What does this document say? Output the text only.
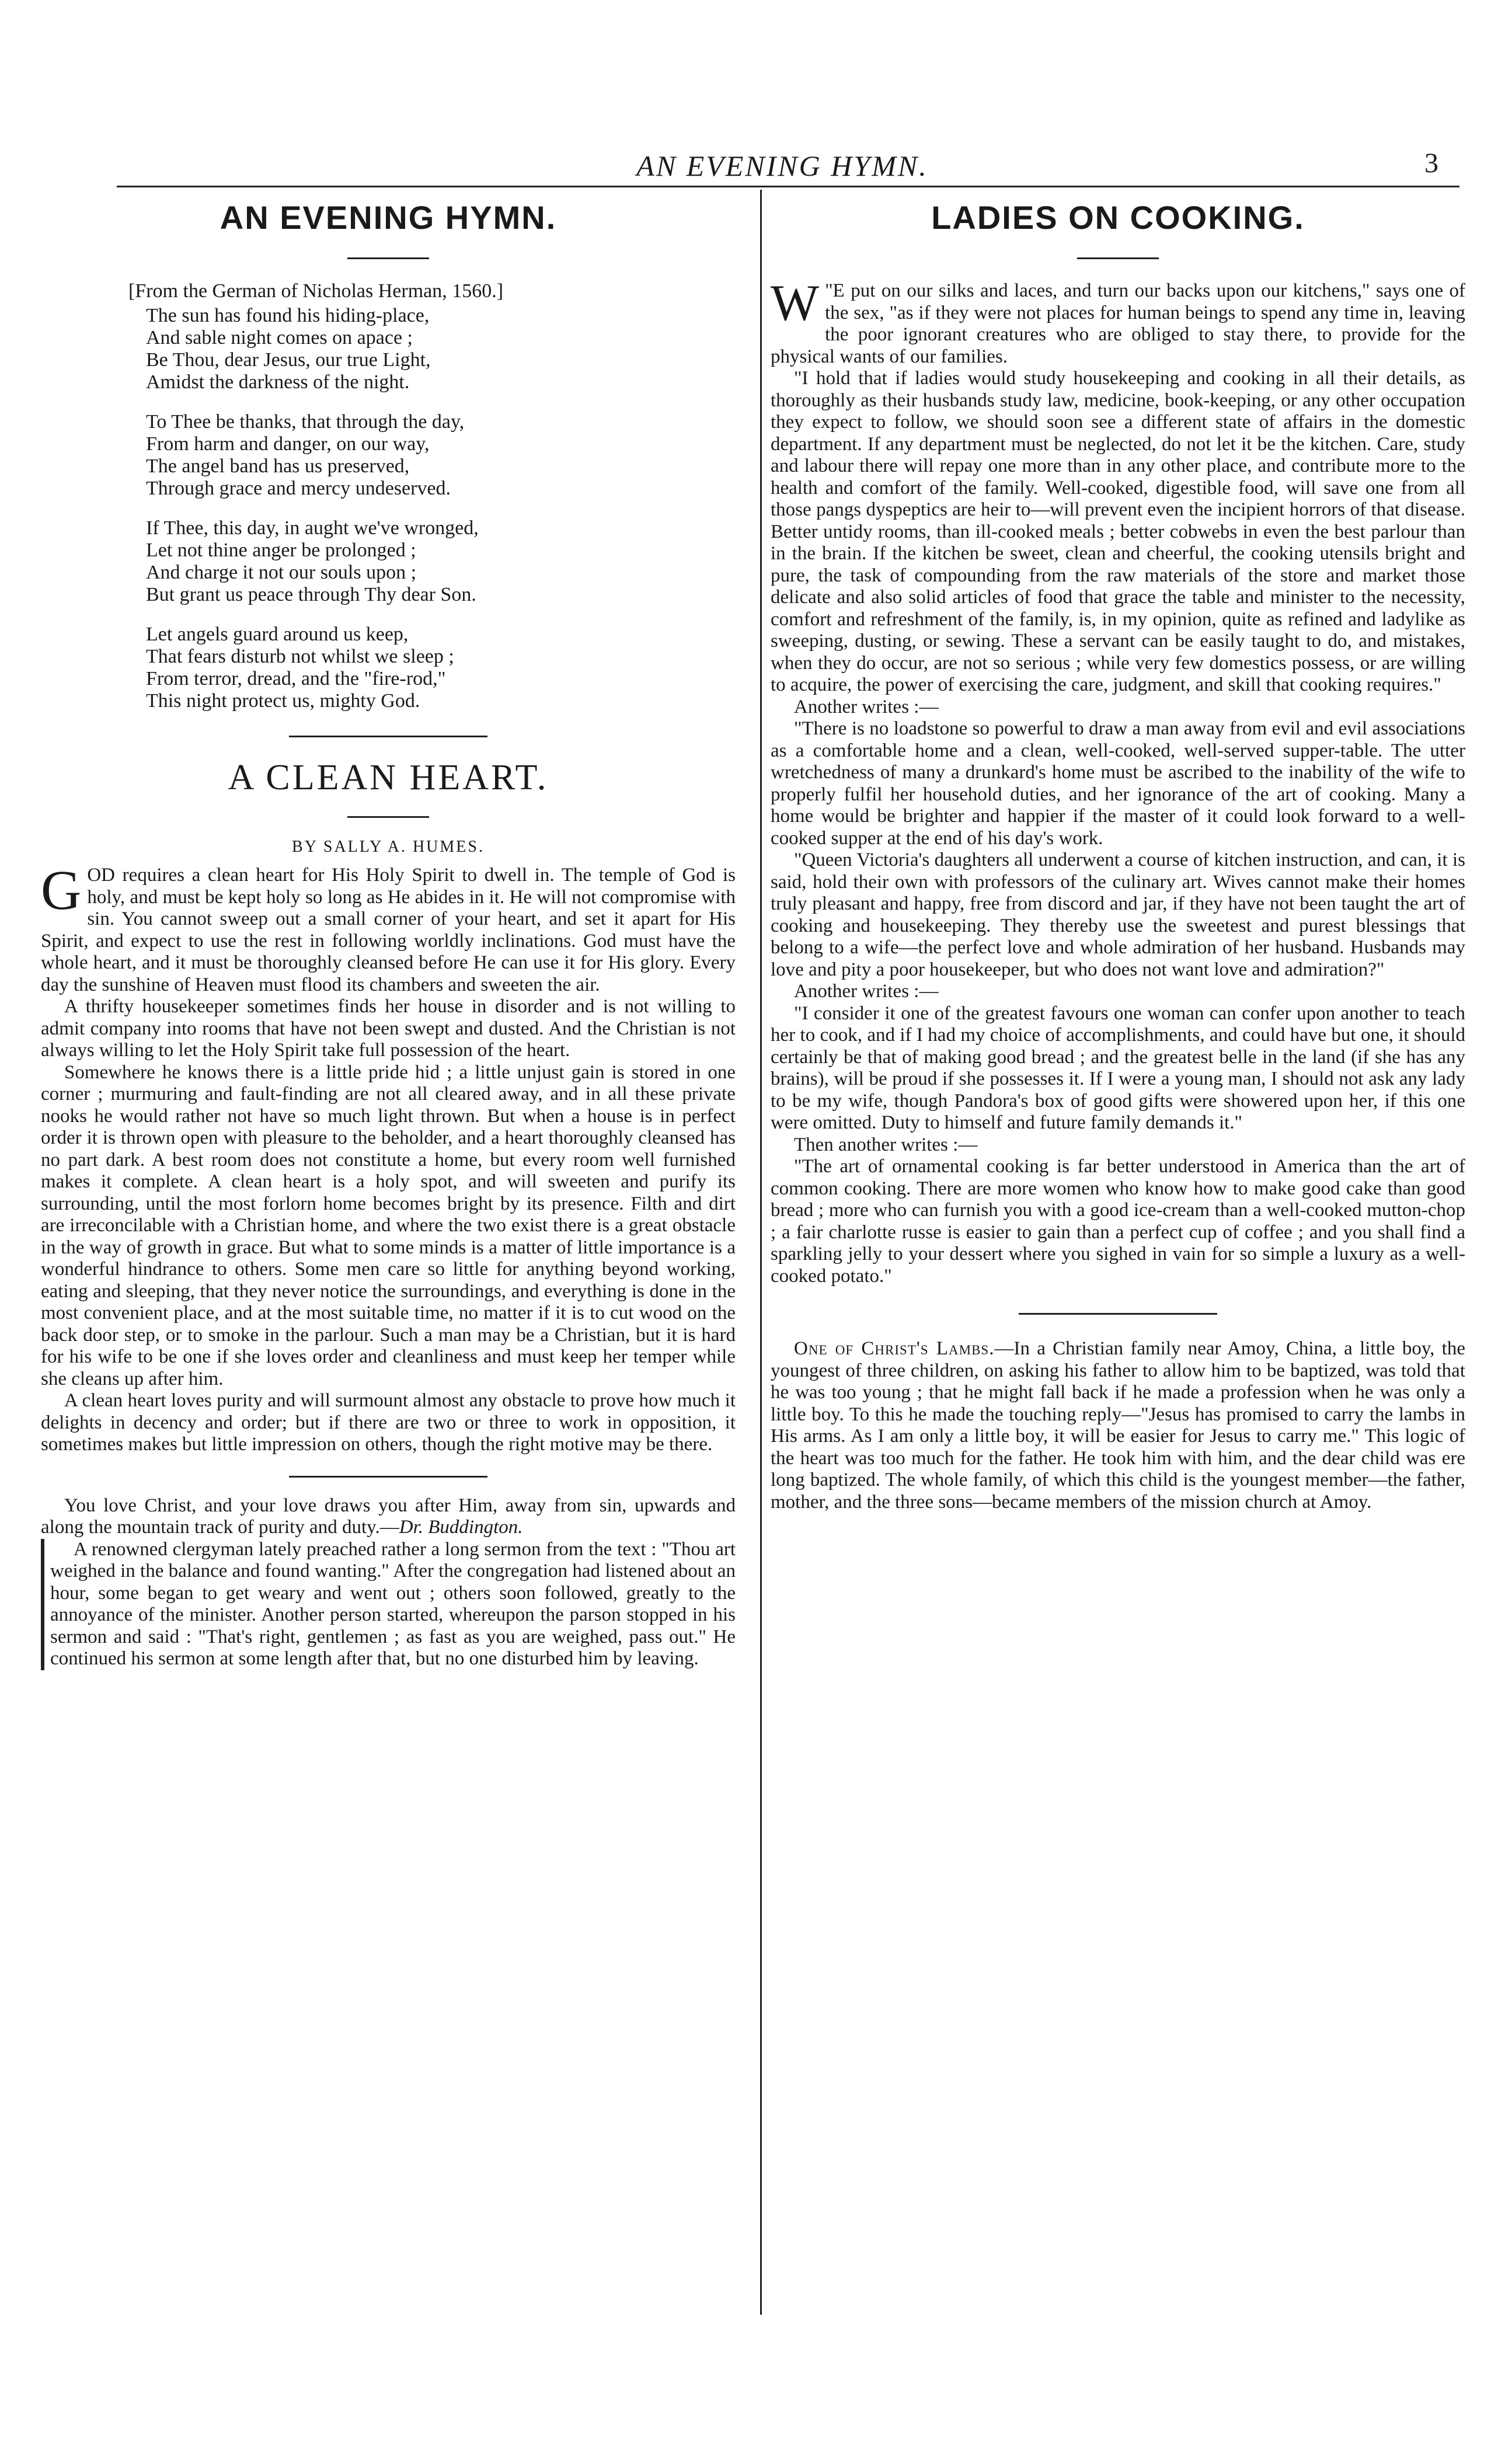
AN EVENING HYMN.	3
AN EVENING HYMN.
[From the German of Nicholas Herman, 1560.]
The sun has found his hiding-place,
And sable night comes on apace ;
Be Thou, dear Jesus, our true Light,
Amidst the darkness of the night.
To Thee be thanks, that through the day,
From harm and danger, on our way,
The angel band has us preserved,
Through grace and mercy undeserved.
If Thee, this day, in aught we've wronged,
Let not thine anger be prolonged ;
And charge it not our souls upon ;
But grant us peace through Thy dear Son.
Let angels guard around us keep,
That fears disturb not whilst we sleep ;
From terror, dread, and the "fire-rod,"
This night protect us, mighty God.
A CLEAN HEART.
BY SALLY A. HUMES.

GOD requires a clean heart for His Holy Spirit to dwell in. The temple of God is holy, and must be kept holy so long as He abides in it. He will not compromise with sin. You cannot sweep out a small corner of your heart, and set it apart for His Spirit, and expect to use the rest in following worldly inclinations. God must have the whole heart, and it must be thoroughly cleansed before He can use it for His glory. Every day the sunshine of Heaven must flood its chambers and sweeten the air.

A thrifty housekeeper sometimes finds her house in disorder and is not willing to admit company into rooms that have not been swept and dusted. And the Christian is not always willing to let the Holy Spirit take full possession of the heart.

Somewhere he knows there is a little pride hid ; a little unjust gain is stored in one corner ; murmuring and fault-finding are not all cleared away, and in all these private nooks he would rather not have so much light thrown. But when a house is in perfect order it is thrown open with pleasure to the beholder, and a heart thoroughly cleansed has no part dark. A best room does not constitute a home, but every room well furnished makes it complete. A clean heart is a holy spot, and will sweeten and purify its surrounding, until the most forlorn home becomes bright by its presence. Filth and dirt are irreconcilable with a Christian home, and where the two exist there is a great obstacle in the way of growth in grace. But what to some minds is a matter of little importance is a wonderful hindrance to others. Some men care so little for anything beyond working, eating and sleeping, that they never notice the surroundings, and everything is done in the most convenient place, and at the most suitable time, no matter if it is to cut wood on the back door step, or to smoke in the parlour. Such a man may be a Christian, but it is hard for his wife to be one if she loves order and cleanliness and must keep her temper while she cleans up after him.

A clean heart loves purity and will surmount almost any obstacle to prove how much it delights in decency and order; but if there are two or three to work in opposition, it sometimes makes but little impression on others, though the right motive may be there.

You love Christ, and your love draws you after Him, away from sin, upwards and along the mountain track of purity and duty.—Dr. Buddington.

A renowned clergyman lately preached rather a long sermon from the text : "Thou art weighed in the balance and found wanting." After the congregation had listened about an hour, some began to get weary and went out ; others soon followed, greatly to the annoyance of the minister. Another person started, whereupon the parson stopped in his sermon and said : "That's right, gentlemen ; as fast as you are weighed, pass out." He continued his sermon at some length after that, but no one disturbed him by leaving.

LADIES ON COOKING.

"
W E put on our silks and laces, and turn our backs upon our kitchens," says one of the sex, "as if they were not places for human beings to spend any time in, leaving the poor ignorant creatures who are obliged to stay there, to provide for the physical wants of our families.

"I hold that if ladies would study housekeeping and cooking in all their details, as thoroughly as their husbands study law, medicine, book-keeping, or any other occupation they expect to follow, we should soon see a different state of affairs in the domestic department. If any department must be neglected, do not let it be the kitchen. Care, study and labour there will repay one more than in any other place, and contribute more to the health and comfort of the family. Well-cooked, digestible food, will save one from all those pangs dyspeptics are heir to—will prevent even the incipient horrors of that disease. Better untidy rooms, than ill-cooked meals ; better cobwebs in even the best parlour than in the brain. If the kitchen be sweet, clean and cheerful, the cooking utensils bright and pure, the task of compounding from the raw materials of the store and market those delicate and also solid articles of food that grace the table and minister to the necessity, comfort and refreshment of the family, is, in my opinion, quite as refined and ladylike as sweeping, dusting, or sewing. These a servant can be easily taught to do, and mistakes, when they do occur, are not so serious ; while very few domestics possess, or are willing to acquire, the power of exercising the care, judgment, and skill that cooking requires."

Another writes :—

"There is no loadstone so powerful to draw a man away from evil and evil associations as a comfortable home and a clean, well-cooked, well-served supper-table. The utter wretchedness of many a drunkard's home must be ascribed to the inability of the wife to properly fulfil her household duties, and her ignorance of the art of cooking. Many a home would be brighter and happier if the master of it could look forward to a well-cooked supper at the end of his day's work.

"Queen Victoria's daughters all underwent a course of kitchen instruction, and can, it is said, hold their own with professors of the culinary art. Wives cannot make their homes truly pleasant and happy, free from discord and jar, if they have not been taught the art of cooking and housekeeping. They thereby use the sweetest and purest blessings that belong to a wife—the perfect love and whole admiration of her husband. Husbands may love and pity a poor housekeeper, but who does not want love and admiration?"

Another writes :—

"I consider it one of the greatest favours one woman can confer upon another to teach her to cook, and if I had my choice of accomplishments, and could have but one, it should certainly be that of making good bread ; and the greatest belle in the land (if she has any brains), will be proud if she possesses it. If I were a young man, I should not ask any lady to be my wife, though Pandora's box of good gifts were showered upon her, if this one were omitted. Duty to himself and future family demands it."

Then another writes :—

"The art of ornamental cooking is far better understood in America than the art of common cooking. There are more women who know how to make good cake than good bread ; more who can furnish you with a good ice-cream than a well-cooked mutton-chop ; a fair charlotte russe is easier to gain than a perfect cup of coffee ; and you shall find a sparkling jelly to your dessert where you sighed in vain for so simple a luxury as a well-cooked potato."

One of Christ's Lambs.—In a Christian family near Amoy, China, a little boy, the youngest of three children, on asking his father to allow him to be baptized, was told that he was too young ; that he might fall back if he made a profession when he was only a little boy. To this he made the touching reply—"Jesus has promised to carry the lambs in His arms. As I am only a little boy, it will be easier for Jesus to carry me." This logic of the heart was too much for the father. He took him with him, and the dear child was ere long baptized. The whole family, of which this child is the youngest member—the father, mother, and the three sons—became members of the mission church at Amoy.
